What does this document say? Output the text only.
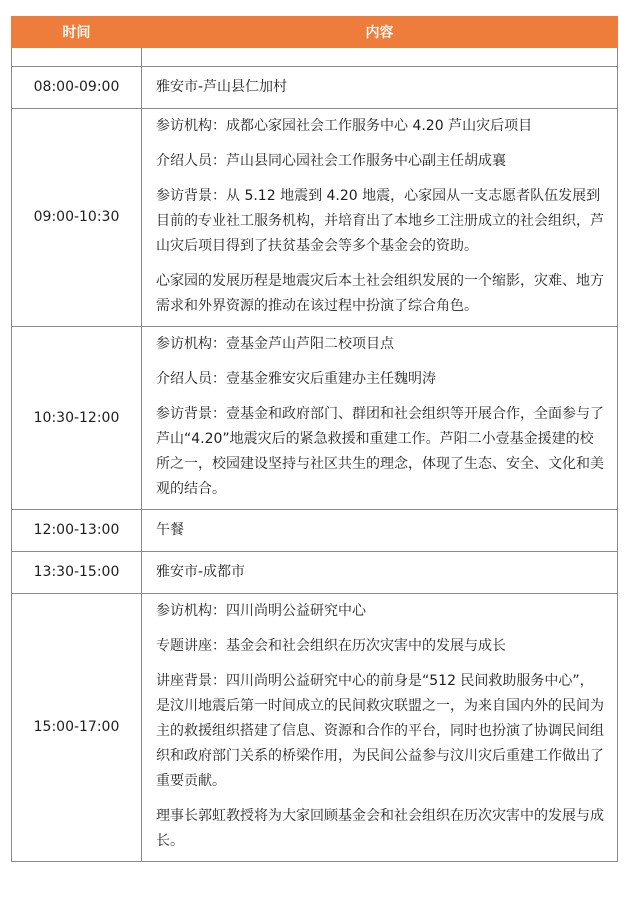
时间	内容

08:00-09:00	雅安市-芦山县仁加村

09:00-10:30	参访机构：成都心家园社会工作服务中心 4.20 芦山灾后项目

介绍人员：芦山县同心园社会工作服务中心副主任胡成襄

参访背景：从 5.12 地震到 4.20 地震，心家园从一支志愿者队伍发展到目前的专业社工服务机构，并培育出了本地乡工注册成立的社会组织，芦山灾后项目得到了扶贫基金会等多个基金会的资助。

心家园的发展历程是地震灾后本土社会组织发展的一个缩影，灾难、地方需求和外界资源的推动在该过程中扮演了综合角色。

10:30-12:00	参访机构：壹基金芦山芦阳二校项目点

介绍人员：壹基金雅安灾后重建办主任魏明涛

参访背景：壹基金和政府部门、群团和社会组织等开展合作，全面参与了芦山“4.20”地震灾后的紧急救援和重建工作。芦阳二小壹基金援建的校所之一，校园建设坚持与社区共生的理念，体现了生态、安全、文化和美观的结合。

12:00-13:00	午餐

13:30-15:00	雅安市-成都市

15:00-17:00	参访机构：四川尚明公益研究中心

专题讲座：基金会和社会组织在历次灾害中的发展与成长

讲座背景：四川尚明公益研究中心的前身是“512 民间救助服务中心”，是汶川地震后第一时间成立的民间救灾联盟之一，为来自国内外的民间为主的救援组织搭建了信息、资源和合作的平台，同时也扮演了协调民间组织和政府部门关系的桥梁作用，为民间公益参与汶川灾后重建工作做出了重要贡献。

理事长郭虹教授将为大家回顾基金会和社会组织在历次灾害中的发展与成长。
